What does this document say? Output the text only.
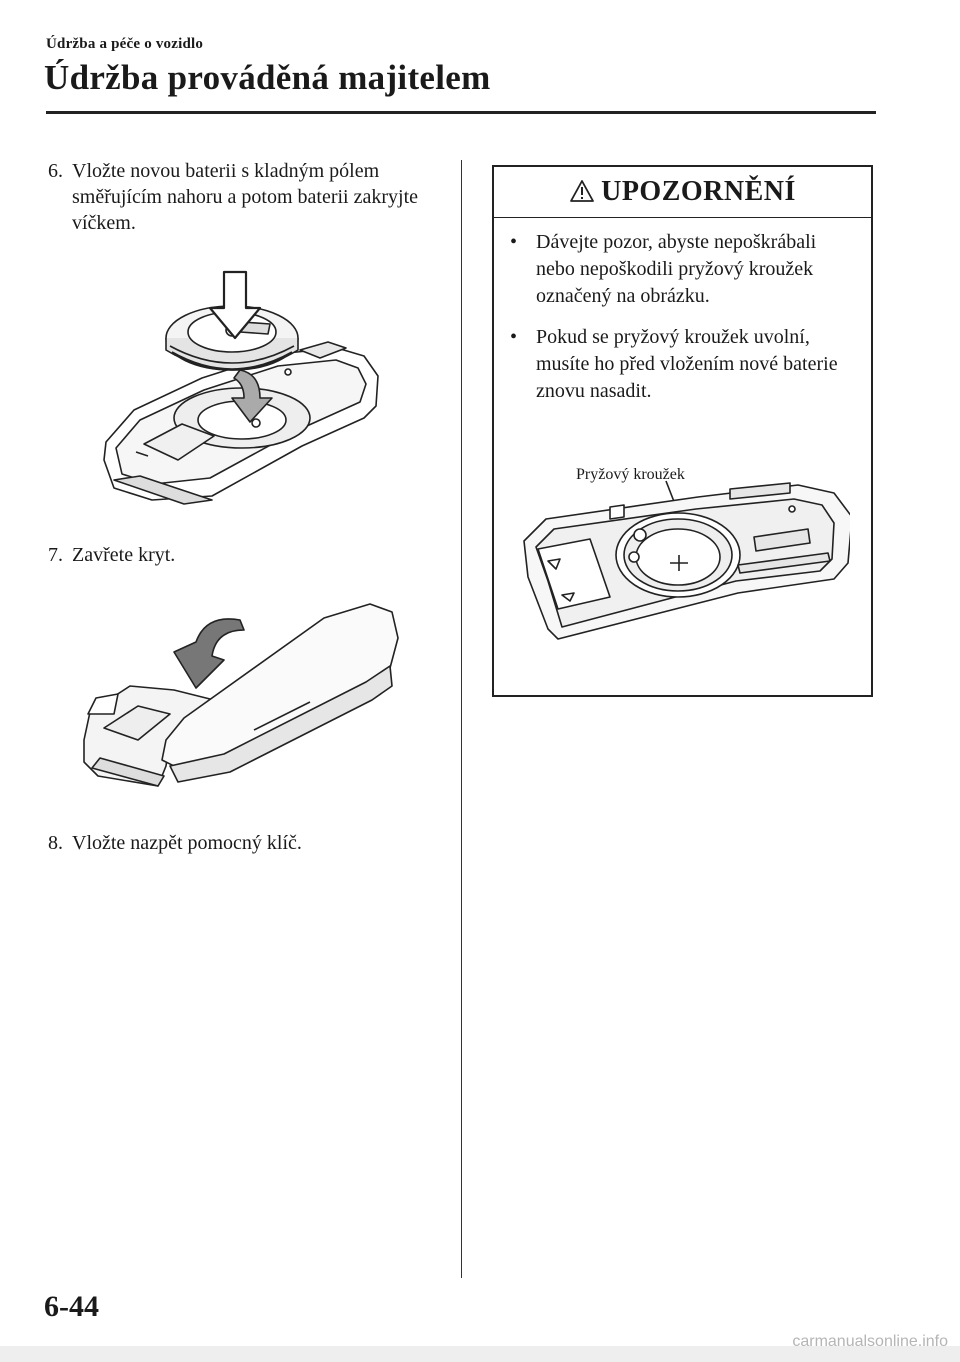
Údržba a péče o vozidlo
Údržba prováděná majitelem
6. Vložte novou baterii s kladným pólem směřujícím nahoru a potom baterii zakryjte víčkem.
7. Zavřete kryt.
8. Vložte nazpět pomocný klíč.
UPOZORNĚNÍ
• Dávejte pozor, abyste nepoškrábali nebo nepoškodili pryžový kroužek označený na obrázku.
• Pokud se pryžový kroužek uvolní, musíte ho před vložením nové baterie znovu nasadit.
Pryžový kroužek
6-44
carmanualsonline.info
